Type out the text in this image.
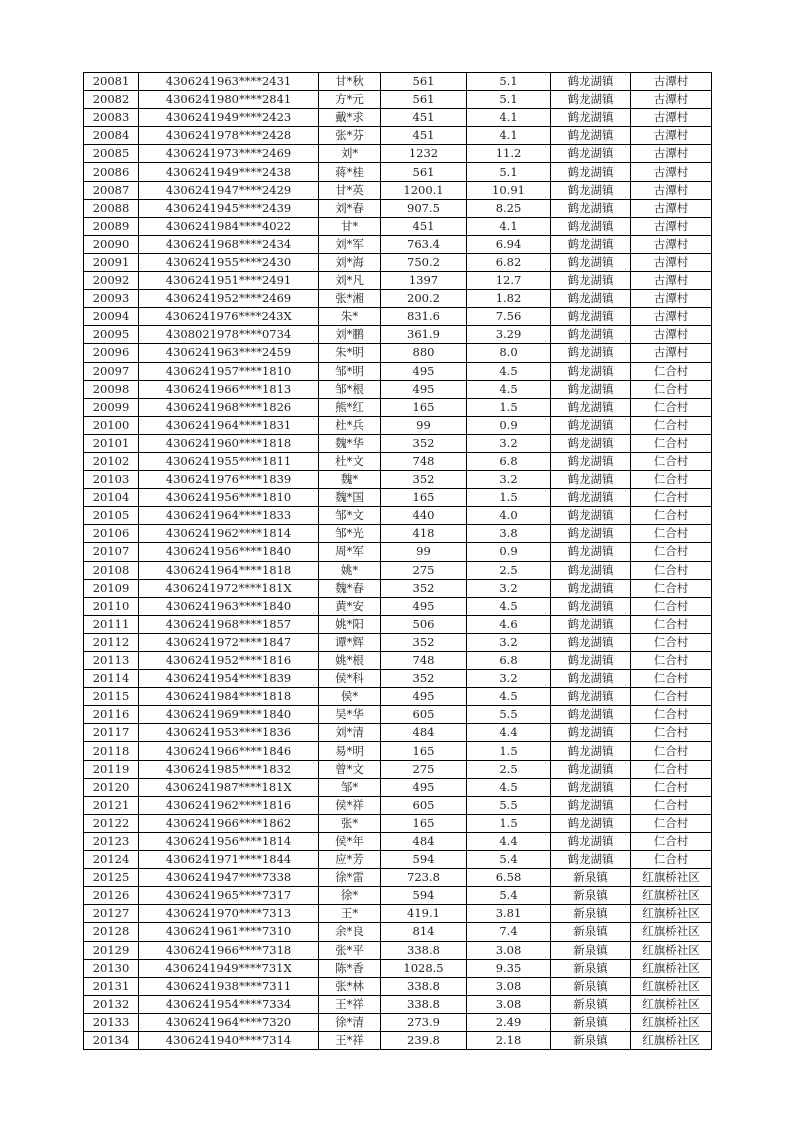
20081	4306241963****2431	甘*秋	561	5.1	鹤龙湖镇	古潭村
20082	4306241980****2841	方*元	561	5.1	鹤龙湖镇	古潭村
20083	4306241949****2423	戴*求	451	4.1	鹤龙湖镇	古潭村
20084	4306241978****2428	张*芬	451	4.1	鹤龙湖镇	古潭村
20085	4306241973****2469	刘*	1232	11.2	鹤龙湖镇	古潭村
20086	4306241949****2438	蒋*桂	561	5.1	鹤龙湖镇	古潭村
20087	4306241947****2429	甘*英	1200.1	10.91	鹤龙湖镇	古潭村
20088	4306241945****2439	刘*春	907.5	8.25	鹤龙湖镇	古潭村
20089	4306241984****4022	甘*	451	4.1	鹤龙湖镇	古潭村
20090	4306241968****2434	刘*军	763.4	6.94	鹤龙湖镇	古潭村
20091	4306241955****2430	刘*海	750.2	6.82	鹤龙湖镇	古潭村
20092	4306241951****2491	刘*凡	1397	12.7	鹤龙湖镇	古潭村
20093	4306241952****2469	张*湘	200.2	1.82	鹤龙湖镇	古潭村
20094	4306241976****243X	朱*	831.6	7.56	鹤龙湖镇	古潭村
20095	4308021978****0734	刘*鹏	361.9	3.29	鹤龙湖镇	古潭村
20096	4306241963****2459	朱*明	880	8.0	鹤龙湖镇	古潭村
20097	4306241957****1810	邹*明	495	4.5	鹤龙湖镇	仁合村
20098	4306241966****1813	邹*根	495	4.5	鹤龙湖镇	仁合村
20099	4306241968****1826	熊*红	165	1.5	鹤龙湖镇	仁合村
20100	4306241964****1831	杜*兵	99	0.9	鹤龙湖镇	仁合村
20101	4306241960****1818	魏*华	352	3.2	鹤龙湖镇	仁合村
20102	4306241955****1811	杜*文	748	6.8	鹤龙湖镇	仁合村
20103	4306241976****1839	魏*	352	3.2	鹤龙湖镇	仁合村
20104	4306241956****1810	魏*国	165	1.5	鹤龙湖镇	仁合村
20105	4306241964****1833	邹*文	440	4.0	鹤龙湖镇	仁合村
20106	4306241962****1814	邹*光	418	3.8	鹤龙湖镇	仁合村
20107	4306241956****1840	周*军	99	0.9	鹤龙湖镇	仁合村
20108	4306241964****1818	姚*	275	2.5	鹤龙湖镇	仁合村
20109	4306241972****181X	魏*春	352	3.2	鹤龙湖镇	仁合村
20110	4306241963****1840	黄*安	495	4.5	鹤龙湖镇	仁合村
20111	4306241968****1857	姚*阳	506	4.6	鹤龙湖镇	仁合村
20112	4306241972****1847	谭*辉	352	3.2	鹤龙湖镇	仁合村
20113	4306241952****1816	姚*根	748	6.8	鹤龙湖镇	仁合村
20114	4306241954****1839	侯*科	352	3.2	鹤龙湖镇	仁合村
20115	4306241984****1818	侯*	495	4.5	鹤龙湖镇	仁合村
20116	4306241969****1840	吴*华	605	5.5	鹤龙湖镇	仁合村
20117	4306241953****1836	刘*清	484	4.4	鹤龙湖镇	仁合村
20118	4306241966****1846	易*明	165	1.5	鹤龙湖镇	仁合村
20119	4306241985****1832	曾*文	275	2.5	鹤龙湖镇	仁合村
20120	4306241987****181X	邹*	495	4.5	鹤龙湖镇	仁合村
20121	4306241962****1816	侯*祥	605	5.5	鹤龙湖镇	仁合村
20122	4306241966****1862	张*	165	1.5	鹤龙湖镇	仁合村
20123	4306241956****1814	侯*年	484	4.4	鹤龙湖镇	仁合村
20124	4306241971****1844	应*芳	594	5.4	鹤龙湖镇	仁合村
20125	4306241947****7338	徐*雷	723.8	6.58	新泉镇	红旗桥社区
20126	4306241965****7317	徐*	594	5.4	新泉镇	红旗桥社区
20127	4306241970****7313	王*	419.1	3.81	新泉镇	红旗桥社区
20128	4306241961****7310	余*良	814	7.4	新泉镇	红旗桥社区
20129	4306241966****7318	张*平	338.8	3.08	新泉镇	红旗桥社区
20130	4306241949****731X	陈*香	1028.5	9.35	新泉镇	红旗桥社区
20131	4306241938****7311	张*林	338.8	3.08	新泉镇	红旗桥社区
20132	4306241954****7334	王*祥	338.8	3.08	新泉镇	红旗桥社区
20133	4306241964****7320	徐*清	273.9	2.49	新泉镇	红旗桥社区
20134	4306241940****7314	王*祥	239.8	2.18	新泉镇	红旗桥社区
